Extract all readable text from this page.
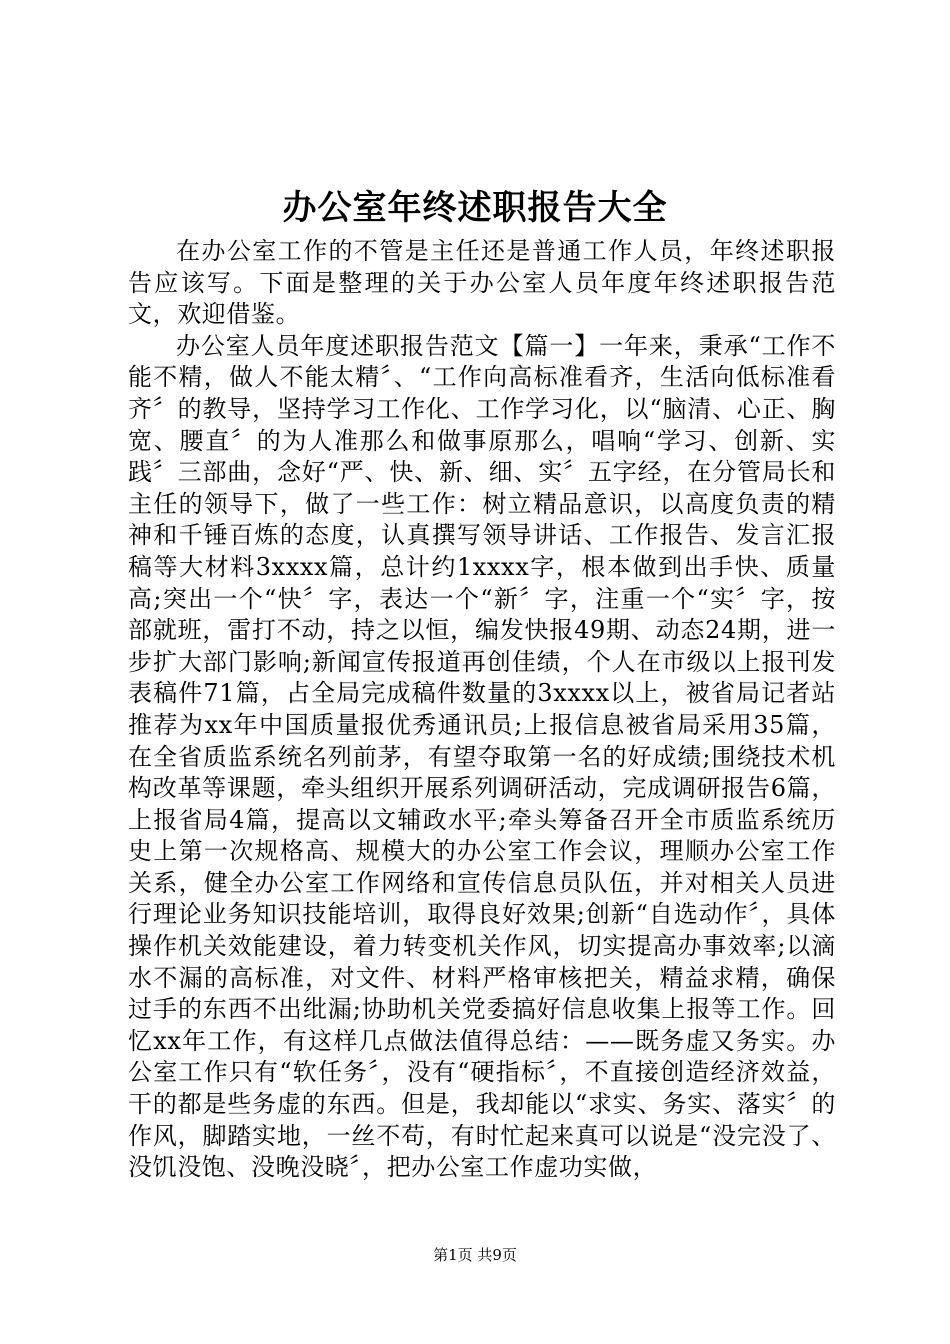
办公室年终述职报告大全

在办公室工作的不管是主任还是普通工作人员，年终述职报告应该写。下面是整理的关于办公室人员年度年终述职报告范文，欢迎借鉴。

办公室人员年度述职报告范文【篇一】一年来，秉承“工作不能不精，做人不能太精〞、“工作向高标准看齐，生活向低标准看齐〞的教导，坚持学习工作化、工作学习化，以“脑清、心正、胸宽、腰直〞的为人准那么和做事原那么，唱响“学习、创新、实践〞三部曲，念好“严、快、新、细、实〞五字经，在分管局长和主任的领导下，做了一些工作：树立精品意识，以高度负责的精神和千锤百炼的态度，认真撰写领导讲话、工作报告、发言汇报稿等大材料3xxxx篇，总计约1xxxx字，根本做到出手快、质量高;突出一个“快〞字，表达一个“新〞字，注重一个“实〞字，按部就班，雷打不动，持之以恒，编发快报49期、动态24期，进一步扩大部门影响;新闻宣传报道再创佳绩，个人在市级以上报刊发表稿件71篇，占全局完成稿件数量的3xxxx以上，被省局记者站推荐为xx年中国质量报优秀通讯员;上报信息被省局采用35篇，在全省质监系统名列前茅，有望夺取第一名的好成绩;围绕技术机构改革等课题，牵头组织开展系列调研活动，完成调研报告6篇，上报省局4篇，提高以文辅政水平;牵头筹备召开全市质监系统历史上第一次规格高、规模大的办公室工作会议，理顺办公室工作关系，健全办公室工作网络和宣传信息员队伍，并对相关人员进行理论业务知识技能培训，取得良好效果;创新“自选动作〞，具体操作机关效能建设，着力转变机关作风，切实提高办事效率;以滴水不漏的高标准，对文件、材料严格审核把关，精益求精，确保过手的东西不出纰漏;协助机关党委搞好信息收集上报等工作。回忆xx年工作，有这样几点做法值得总结：——既务虚又务实。办公室工作只有“软任务〞，没有“硬指标〞，不直接创造经济效益，干的都是些务虚的东西。但是，我却能以“求实、务实、落实〞的作风，脚踏实地，一丝不苟，有时忙起来真可以说是“没完没了、没饥没饱、没晚没晓〞，把办公室工作虚功实做，

第1页 共9页
